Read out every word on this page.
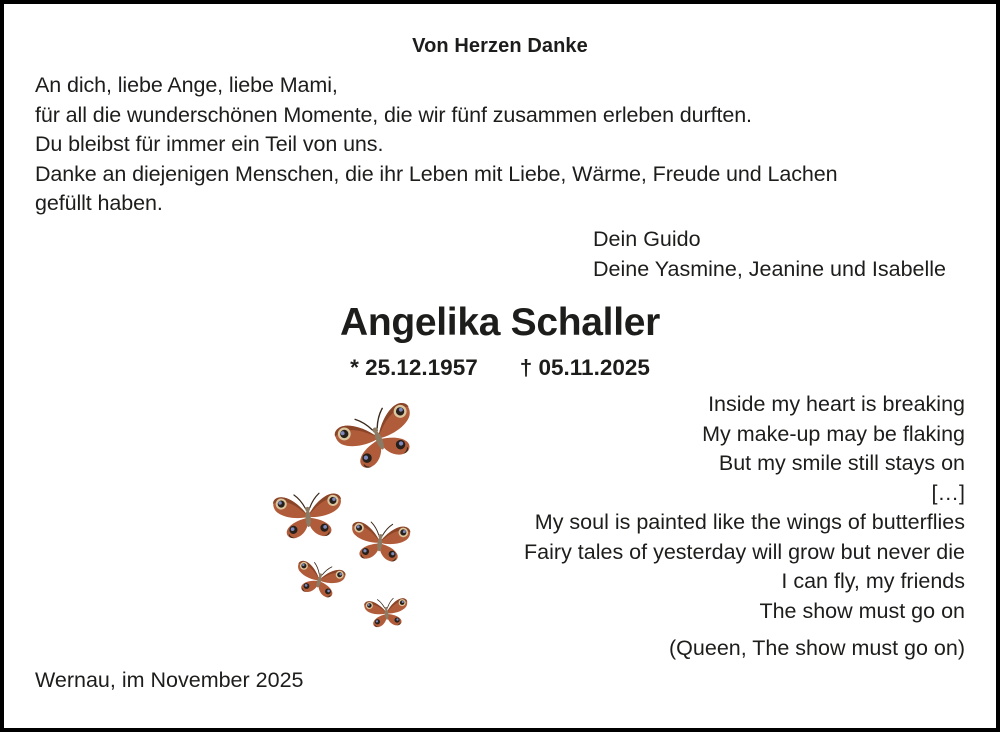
Von Herzen Danke
An dich, liebe Ange, liebe Mami,
für all die wunderschönen Momente, die wir fünf zusammen erleben durften.
Du bleibst für immer ein Teil von uns.
Danke an diejenigen Menschen, die ihr Leben mit Liebe, Wärme, Freude und Lachen
gefüllt haben.
Dein Guido
Deine Yasmine, Jeanine und Isabelle
Angelika Schaller
* 25.12.1957 † 05.11.2025
Inside my heart is breaking
My make-up may be flaking
But my smile still stays on
[…]
My soul is painted like the wings of butterflies
Fairy tales of yesterday will grow but never die
I can fly, my friends
The show must go on
(Queen, The show must go on)
Wernau, im November 2025
